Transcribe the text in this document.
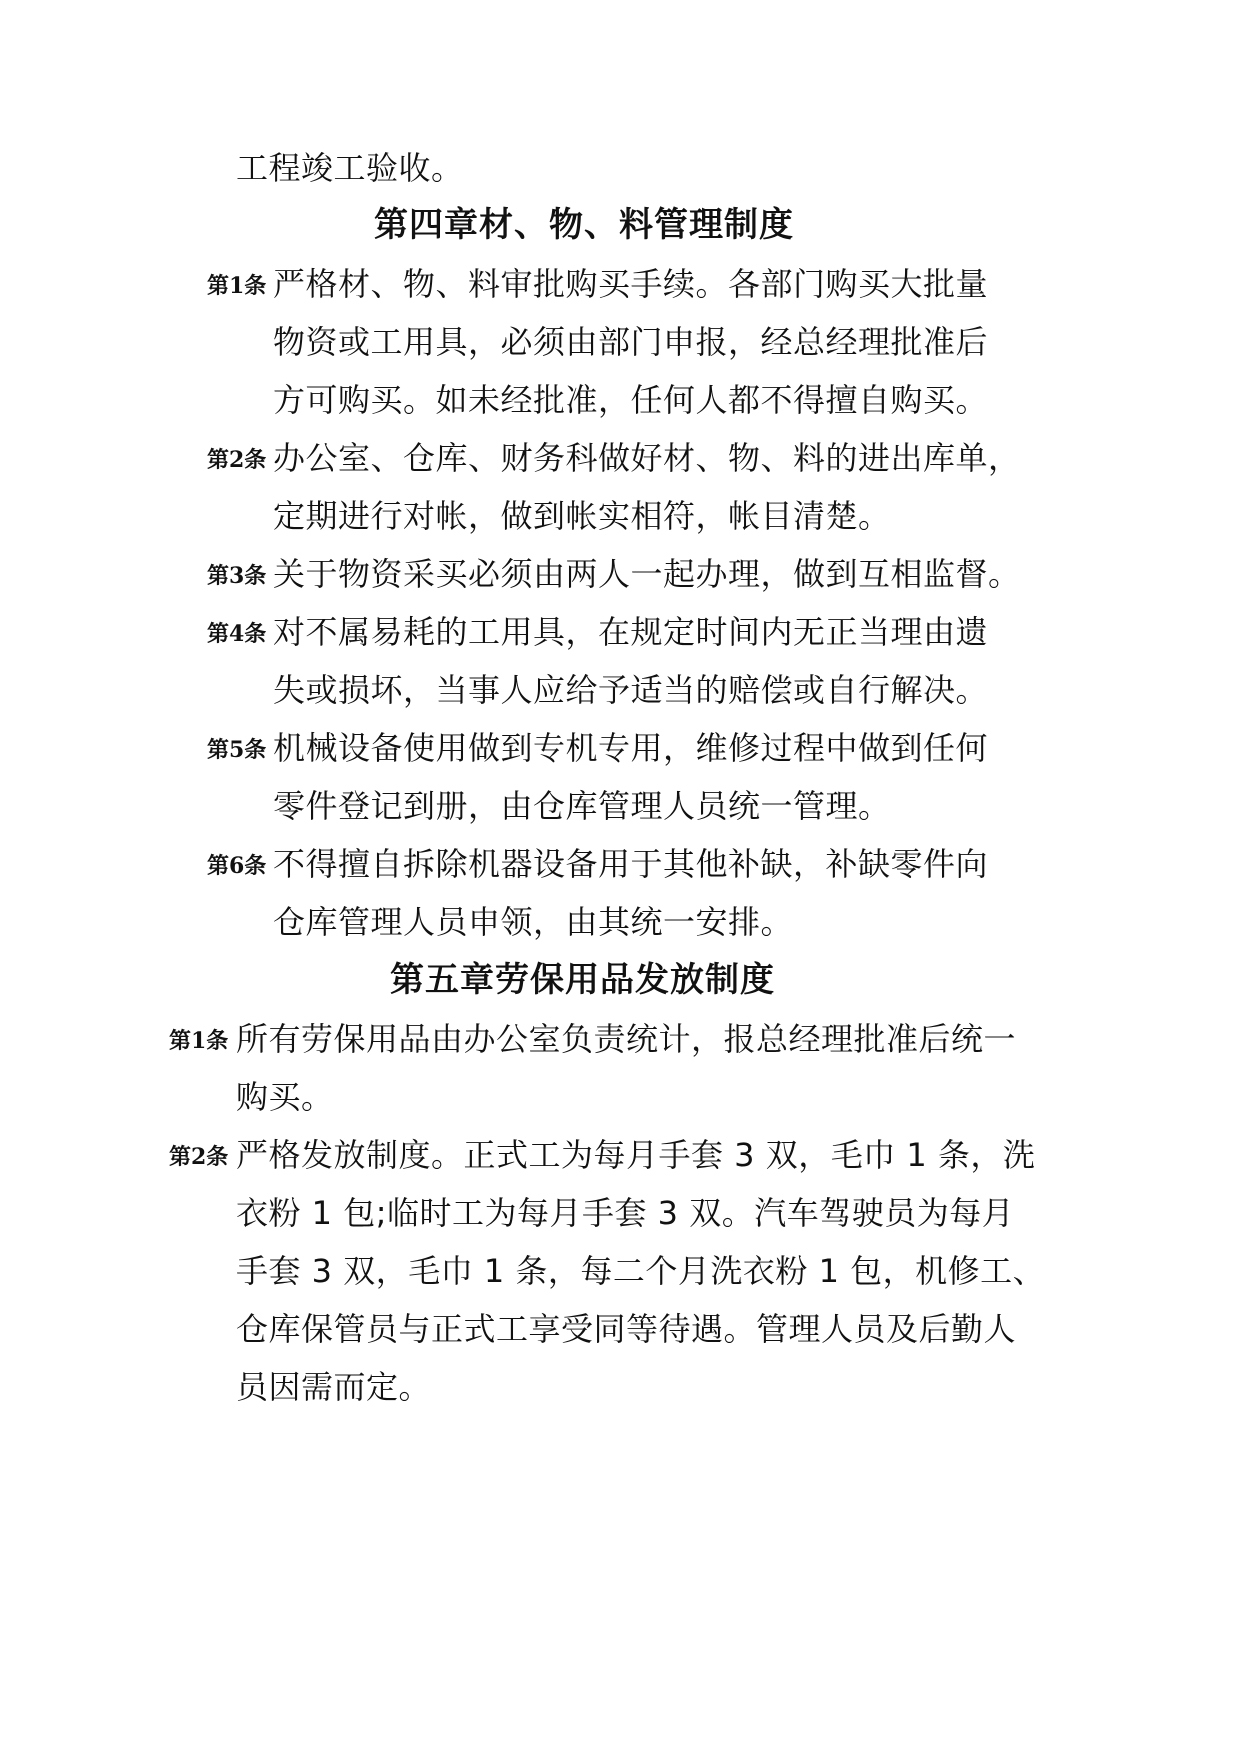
工程竣工验收。
第四章材、物、料管理制度
第1条 严格材、物、料审批购买手续。各部门购买大批量
物资或工用具，必须由部门申报，经总经理批准后
方可购买。如未经批准，任何人都不得擅自购买。
第2条 办公室、仓库、财务科做好材、物、料的进出库单，
定期进行对帐，做到帐实相符，帐目清楚。
第3条 关于物资采买必须由两人一起办理，做到互相监督。
第4条 对不属易耗的工用具，在规定时间内无正当理由遗
失或损坏，当事人应给予适当的赔偿或自行解决。
第5条 机械设备使用做到专机专用，维修过程中做到任何
零件登记到册，由仓库管理人员统一管理。
第6条 不得擅自拆除机器设备用于其他补缺，补缺零件向
仓库管理人员申领，由其统一安排。
第五章劳保用品发放制度
第1条 所有劳保用品由办公室负责统计，报总经理批准后统一
购买。
第2条 严格发放制度。正式工为每月手套 3 双，毛巾 1 条，洗
衣粉 1 包;临时工为每月手套 3 双。汽车驾驶员为每月
手套 3 双，毛巾 1 条，每二个月洗衣粉 1 包，机修工、
仓库保管员与正式工享受同等待遇。管理人员及后勤人
员因需而定。
